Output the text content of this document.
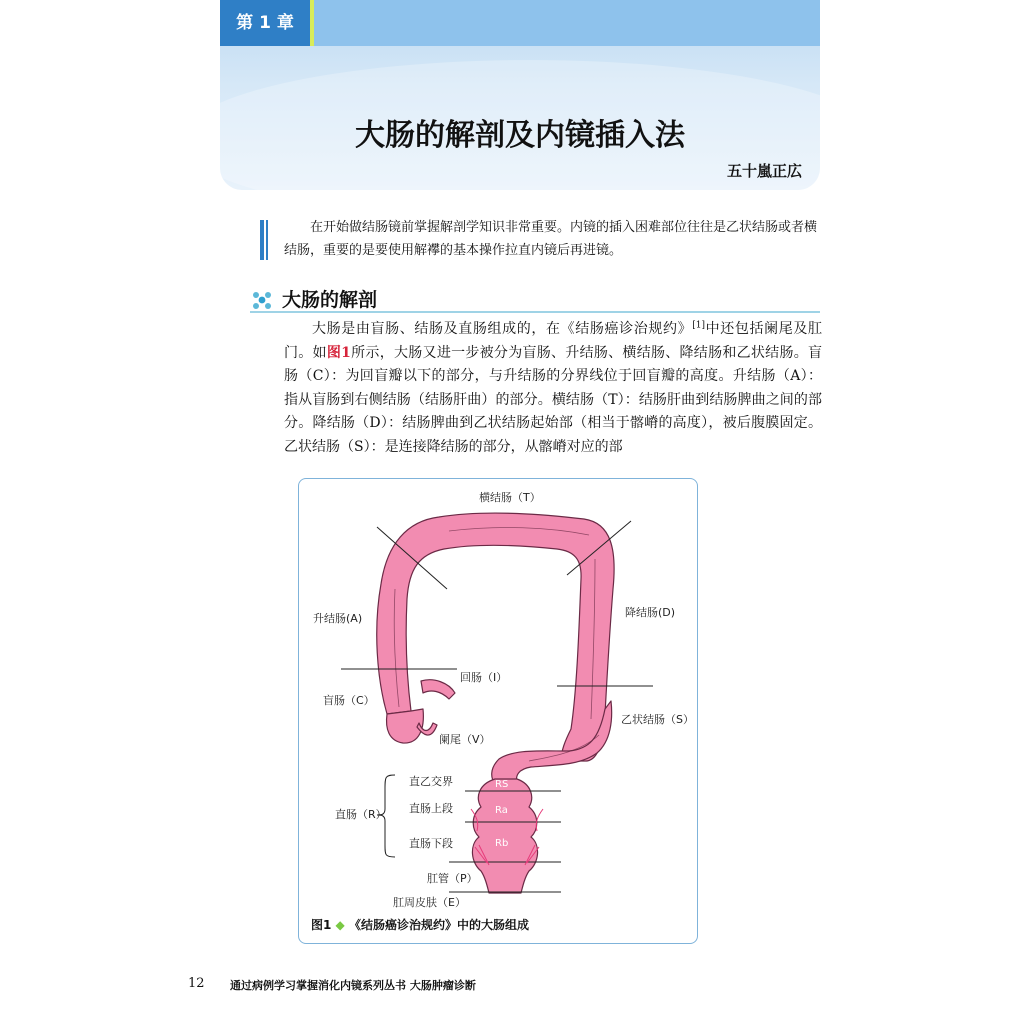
第 1 章
大肠的解剖及内镜插入法
五十嵐正広
在开始做结肠镜前掌握解剖学知识非常重要。内镜的插入困难部位往往是乙状结肠或者横结肠，重要的是要使用解襻的基本操作拉直内镜后再进镜。
大肠的解剖
大肠是由盲肠、结肠及直肠组成的，在《结肠癌诊治规约》[1]中还包括阑尾及肛门。如图1所示，大肠又进一步被分为盲肠、升结肠、横结肠、降结肠和乙状结肠。盲肠（C）：为回盲瓣以下的部分，与升结肠的分界线位于回盲瓣的高度。升结肠（A）：指从盲肠到右侧结肠（结肠肝曲）的部分。横结肠（T）：结肠肝曲到结肠脾曲之间的部分。降结肠（D）：结肠脾曲到乙状结肠起始部（相当于髂嵴的高度），被后腹膜固定。乙状结肠（S）：是连接降结肠的部分，从髂嵴对应的部
横结肠（T）
升结肠(A)	降结肠(D)
回肠（I）
盲肠（C）
乙状结肠（S）
阑尾（V）
直乙交界
直肠上段
直肠（R）
直肠下段
肛管（P）
肛周皮肤（E）
RS
Ra
Rb
图1 ◆ 《结肠癌诊治规约》中的大肠组成
12 通过病例学习掌握消化内镜系列丛书 大肠肿瘤诊断
